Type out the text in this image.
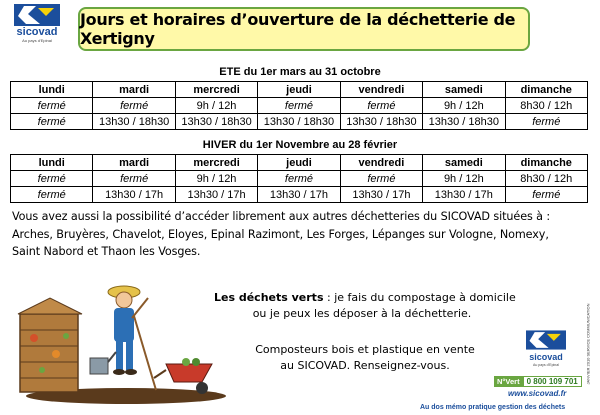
sicovad
Au pays d'Epinal
Jours et horaires d’ouverture de la déchetterie de Xertigny
ETE du 1er mars au 31 octobre
lundi	mardi	mercredi	jeudi	vendredi	samedi	dimanche
fermé	fermé	9h / 12h	fermé	fermé	9h / 12h	8h30 / 12h
fermé	13h30 / 18h30	13h30 / 18h30	13h30 / 18h30	13h30 / 18h30	13h30 / 18h30	fermé
HIVER du 1er Novembre au 28 février
lundi	mardi	mercredi	jeudi	vendredi	samedi	dimanche
fermé	fermé	9h / 12h	fermé	fermé	9h / 12h	8h30 / 12h
fermé	13h30 / 17h	13h30 / 17h	13h30 / 17h	13h30 / 17h	13h30 / 17h	fermé
Vous avez aussi la possibilité d’accéder librement aux autres déchetteries du SICOVAD situées à :
Arches, Bruyères, Chavelot, Eloyes, Epinal Razimont, Les Forges, Lépanges sur Vologne, Nomexy,
Saint Nabord et Thaon les Vosges.
Les déchets verts : je fais du compostage à domicile
ou je peux les déposer à la déchetterie.
Composteurs bois et plastique en vente
au SICOVAD. Renseignez-vous.	JANVIER 2010 SERVICE COMMUNICATION
sicovad
Au pays d'Epinal
N°Vert 0 800 109 701
www.sicovad.fr
Au dos mémo pratique gestion des déchets
